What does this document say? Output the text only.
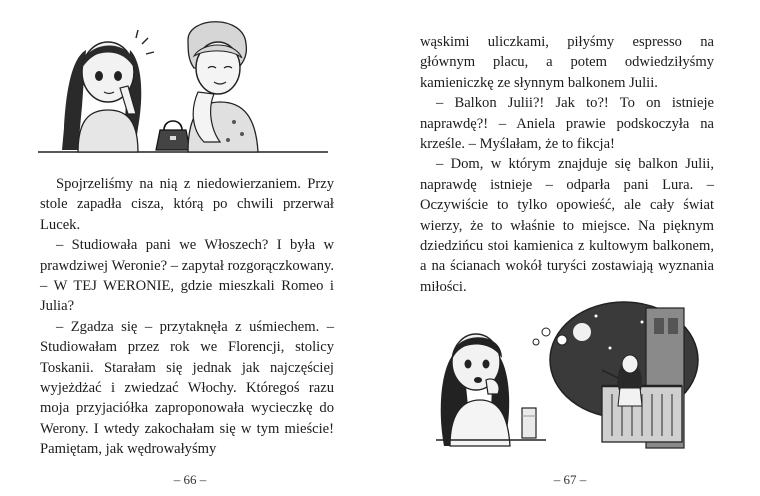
Spojrzeliśmy na nią z niedowierzaniem. Przy stole zapadła cisza, którą po chwili przerwał Lucek.

– Studiowała pani we Włoszech? I była w prawdziwej Weronie? – zapytał rozgorączkowany. – W TEJ WERONIE, gdzie mieszkali Romeo i Julia?

– Zgadza się – przytaknęła z uśmiechem. – Studiowałam przez rok we Florencji, stolicy Toskanii. Starałam się jednak jak najczęściej wyjeżdżać i zwiedzać Włochy. Któregoś razu moja przyjaciółka zaproponowała wycieczkę do Werony. I wtedy zakochałam się w tym mieście! Pamiętam, jak wędrowałyśmy

– 66 –

wąskimi uliczkami, piłyśmy espresso na głównym placu, a potem odwiedziłyśmy kamieniczkę ze słynnym balkonem Julii.

– Balkon Julii?! Jak to?! To on istnieje naprawdę?! – Aniela prawie podskoczyła na krześle. – Myślałam, że to fikcja!

– Dom, w którym znajduje się balkon Julii, naprawdę istnieje – odparła pani Lura. – Oczywiście to tylko opowieść, ale cały świat wierzy, że to właśnie to miejsce. Na pięknym dziedzińcu stoi kamienica z kultowym balkonem, a na ścianach wokół turyści zostawiają wyznania miłości.

– 67 –
